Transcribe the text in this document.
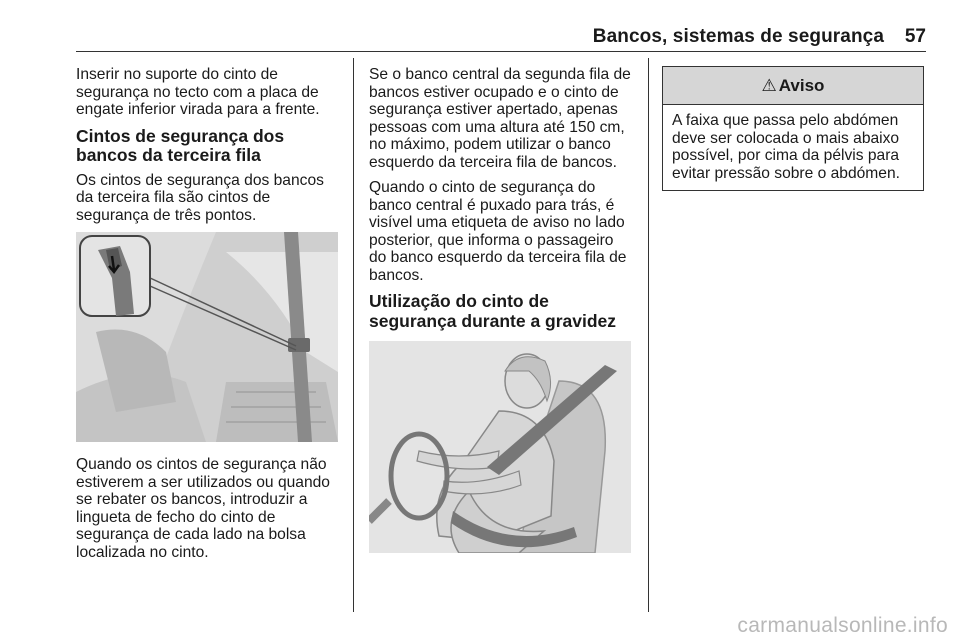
Bancos, sistemas de segurança	57

Inserir no suporte do cinto de segurança no tecto com a placa de engate inferior virada para a frente.

Cintos de segurança dos bancos da terceira fila

Os cintos de segurança dos bancos da terceira fila são cintos de segurança de três pontos.

Quando os cintos de segurança não estiverem a ser utilizados ou quando se rebater os bancos, introduzir a lingueta de fecho do cinto de segurança de cada lado na bolsa localizada no cinto.

Se o banco central da segunda fila de bancos estiver ocupado e o cinto de segurança estiver apertado, apenas pessoas com uma altura até 150 cm, no máximo, podem utilizar o banco esquerdo da terceira fila de bancos.

Quando o cinto de segurança do banco central é puxado para trás, é visível uma etiqueta de aviso no lado posterior, que informa o passageiro do banco esquerdo da terceira fila de bancos.

Utilização do cinto de segurança durante a gravidez
⚠ Aviso

A faixa que passa pelo abdómen deve ser colocada o mais abaixo possível, por cima da pélvis para evitar pressão sobre o abdómen.

carmanualsonline.info
